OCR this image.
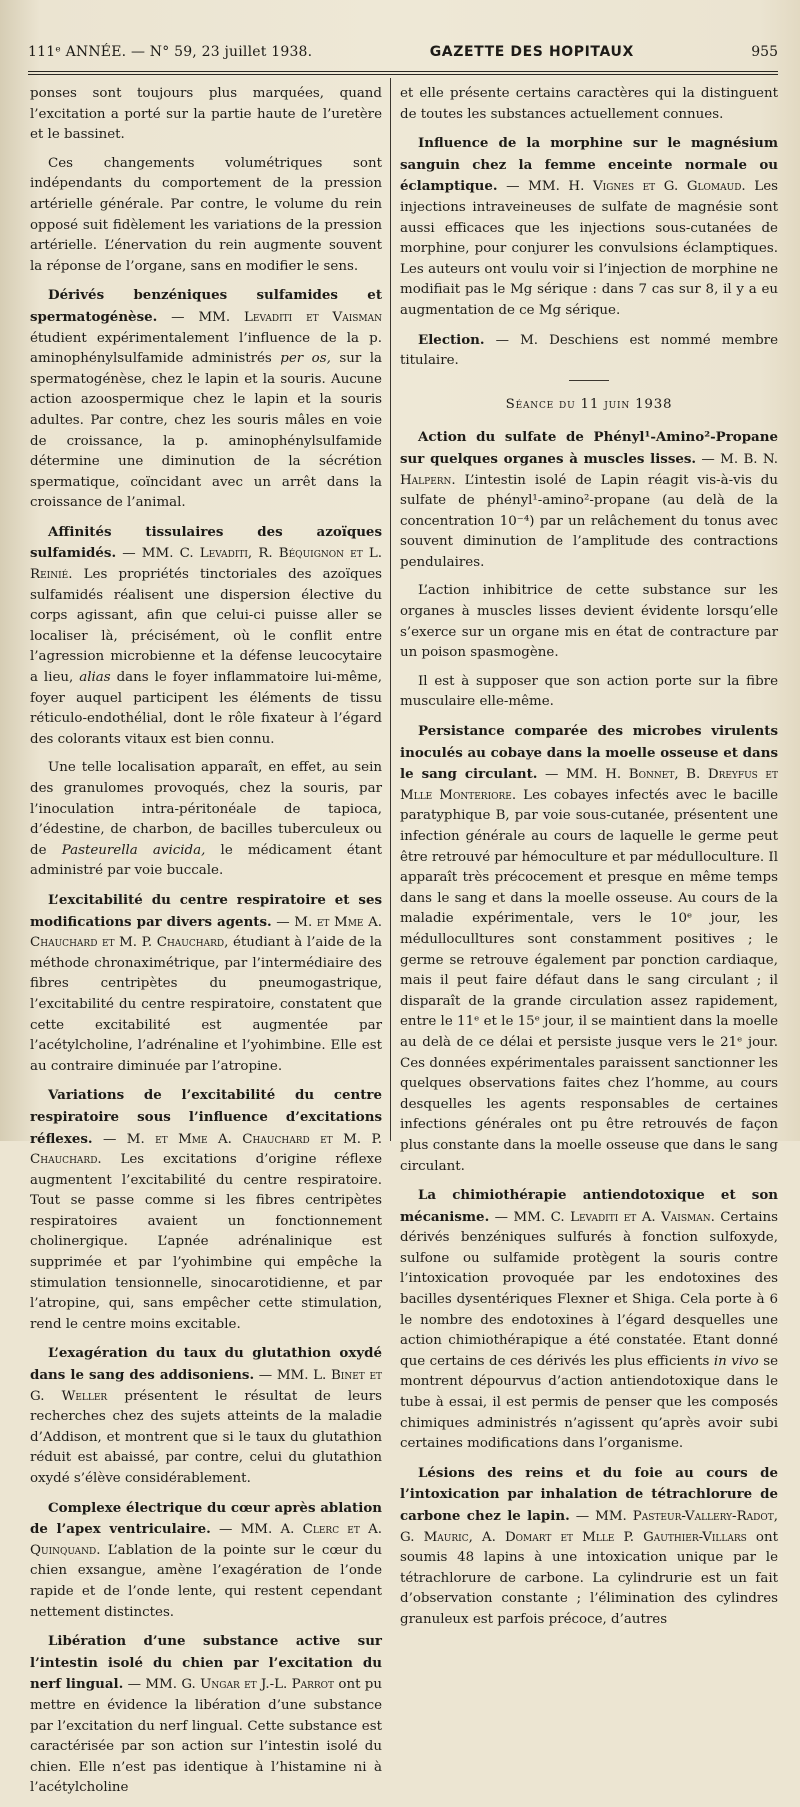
111ᵉ ANNÉE. — N° 59, 23 juillet 1938.	GAZETTE DES HOPITAUX	955

ponses sont toujours plus marquées, quand l’excitation a porté sur la partie haute de l’uretère et le bassinet.

Ces changements volumétriques sont indépendants du comportement de la pression artérielle générale. Par contre, le volume du rein opposé suit fidèlement les variations de la pression artérielle. L’énervation du rein augmente souvent la réponse de l’organe, sans en modifier le sens.

Dérivés benzéniques sulfamides et spermatogénèse. — MM. Levaditi et Vaisman étudient expérimentalement l’influence de la p. aminophénylsulfamide administrés per os, sur la spermatogénèse, chez le lapin et la souris. Aucune action azoospermique chez le lapin et la souris adultes. Par contre, chez les souris mâles en voie de croissance, la p. aminophénylsulfamide détermine une diminution de la sécrétion spermatique, coïncidant avec un arrêt dans la croissance de l’animal.

Affinités tissulaires des azoïques sulfamidés. — MM. C. Levaditi, R. Béquignon et L. Reinié. Les propriétés tinctoriales des azoïques sulfamidés réalisent une dispersion élective du corps agissant, afin que celui-ci puisse aller se localiser là, précisément, où le conflit entre l’agression microbienne et la défense leucocytaire a lieu, alias dans le foyer inflammatoire lui-même, foyer auquel participent les éléments de tissu réticulo-endothélial, dont le rôle fixateur à l’égard des colorants vitaux est bien connu.

Une telle localisation apparaît, en effet, au sein des granulomes provoqués, chez la souris, par l’inoculation intra-péritonéale de tapioca, d’édestine, de charbon, de bacilles tuberculeux ou de Pasteurella avicida, le médicament étant administré par voie buccale.

L’excitabilité du centre respiratoire et ses modifications par divers agents. — M. et Mme A. Chauchard et M. P. Chauchard, étudiant à l’aide de la méthode chronaximétrique, par l’intermédiaire des fibres centripètes du pneumogastrique, l’excitabilité du centre respiratoire, constatent que cette excitabilité est augmentée par l’acétylcholine, l’adrénaline et l’yohimbine. Elle est au contraire diminuée par l’atropine.

Variations de l’excitabilité du centre respiratoire sous l’influence d’excitations réflexes. — M. et Mme A. Chauchard et M. P. Chauchard. Les excitations d’origine réflexe augmentent l’excitabilité du centre respiratoire. Tout se passe comme si les fibres centripètes respiratoires avaient un fonctionnement cholinergique. L’apnée adrénalinique est supprimée et par l’yohimbine qui empêche la stimulation tensionnelle, sinocarotidienne, et par l’atropine, qui, sans empêcher cette stimulation, rend le centre moins excitable.

L’exagération du taux du glutathion oxydé dans le sang des addisoniens. — MM. L. Binet et G. Weller présentent le résultat de leurs recherches chez des sujets atteints de la maladie d’Addison, et montrent que si le taux du glutathion réduit est abaissé, par contre, celui du glutathion oxydé s’élève considérablement.

Complexe électrique du cœur après ablation de l’apex ventriculaire. — MM. A. Clerc et A. Quinquand. L’ablation de la pointe sur le cœur du chien exsangue, amène l’exagération de l’onde rapide et de l’onde lente, qui restent cependant nettement distinctes.

Libération d’une substance active sur l’intestin isolé du chien par l’excitation du nerf lingual. — MM. G. Ungar et J.-L. Parrot ont pu mettre en évidence la libération d’une substance par l’excitation du nerf lingual. Cette substance est caractérisée par son action sur l’intestin isolé du chien. Elle n’est pas identique à l’histamine ni à l’acétylcholine

et elle présente certains caractères qui la distinguent de toutes les substances actuellement connues.

Influence de la morphine sur le magnésium sanguin chez la femme enceinte normale ou éclamptique. — MM. H. Vignes et G. Glomaud. Les injections intraveineuses de sulfate de magnésie sont aussi efficaces que les injections sous-cutanées de morphine, pour conjurer les convulsions éclamptiques. Les auteurs ont voulu voir si l’injection de morphine ne modifiait pas le Mg sérique : dans 7 cas sur 8, il y a eu augmentation de ce Mg sérique.

Election. — M. Deschiens est nommé membre titulaire.

Séance du 11 juin 1938

Action du sulfate de Phényl¹-Amino²-Propane sur quelques organes à muscles lisses. — M. B. N. Halpern. L’intestin isolé de Lapin réagit vis-à-vis du sulfate de phényl¹-amino²-propane (au delà de la concentration 10⁻⁴) par un relâchement du tonus avec souvent diminution de l’amplitude des contractions pendulaires.

L’action inhibitrice de cette substance sur les organes à muscles lisses devient évidente lorsqu’elle s’exerce sur un organe mis en état de contracture par un poison spasmogène.

Il est à supposer que son action porte sur la fibre musculaire elle-même.

Persistance comparée des microbes virulents inoculés au cobaye dans la moelle osseuse et dans le sang circulant. — MM. H. Bonnet, B. Dreyfus et Mlle Monteriore. Les cobayes infectés avec le bacille paratyphique B, par voie sous-cutanée, présentent une infection générale au cours de laquelle le germe peut être retrouvé par hémoculture et par médulloculture. Il apparaît très précocement et presque en même temps dans le sang et dans la moelle osseuse. Au cours de la maladie expérimentale, vers le 10ᵉ jour, les médulloculltures sont constamment positives ; le germe se retrouve également par ponction cardiaque, mais il peut faire défaut dans le sang circulant ; il disparaît de la grande circulation assez rapidement, entre le 11ᵉ et le 15ᵉ jour, il se maintient dans la moelle au delà de ce délai et persiste jusque vers le 21ᵉ jour. Ces données expérimentales paraissent sanctionner les quelques observations faites chez l’homme, au cours desquelles les agents responsables de certaines infections générales ont pu être retrouvés de façon plus constante dans la moelle osseuse que dans le sang circulant.

La chimiothérapie antiendotoxique et son mécanisme. — MM. C. Levaditi et A. Vaisman. Certains dérivés benzéniques sulfurés à fonction sulfoxyde, sulfone ou sulfamide protègent la souris contre l’intoxication provoquée par les endotoxines des bacilles dysentériques Flexner et Shiga. Cela porte à 6 le nombre des endotoxines à l’égard desquelles une action chimiothérapique a été constatée. Etant donné que certains de ces dérivés les plus efficients in vivo se montrent dépourvus d’action antiendotoxique dans le tube à essai, il est permis de penser que les composés chimiques administrés n’agissent qu’après avoir subi certaines modifications dans l’organisme.

Lésions des reins et du foie au cours de l’intoxication par inhalation de tétrachlorure de carbone chez le lapin. — MM. Pasteur-Vallery-Radot, G. Mauric, A. Domart et Mlle P. Gauthier-Villars ont soumis 48 lapins à une intoxication unique par le tétrachlorure de carbone. La cylindrurie est un fait d’observation constante ; l’élimination des cylindres granuleux est parfois précoce, d’autres
